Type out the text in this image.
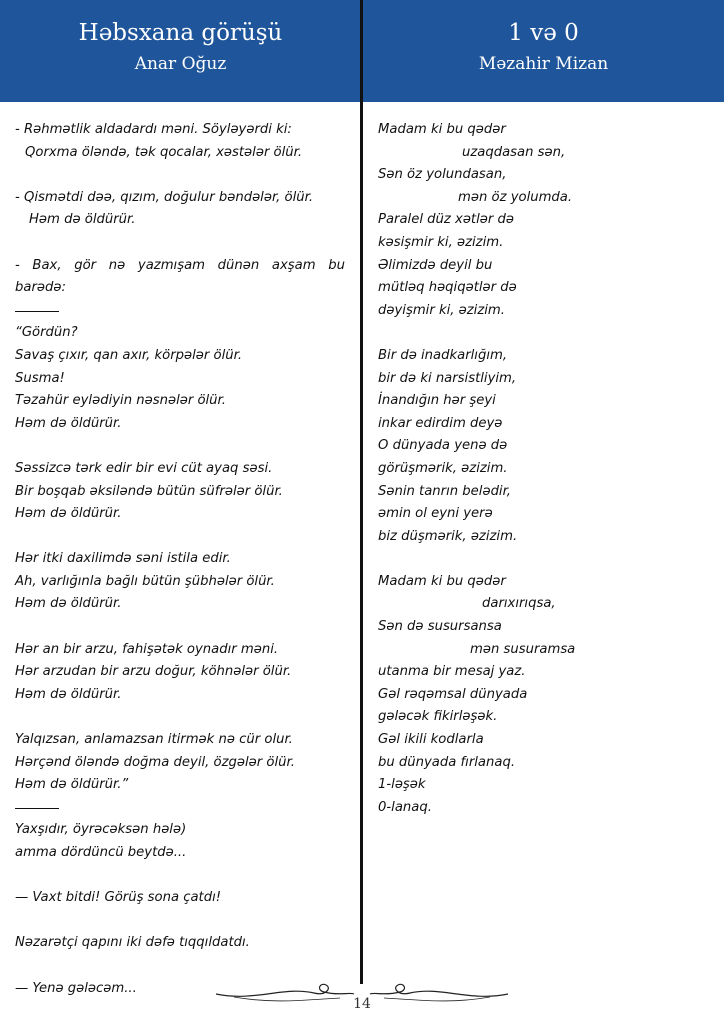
Həbsxana görüşü
Anar Oğuz
1 və 0
Məzahir Mizan
- Rəhmətlik aldadardı məni. Söyləyərdi ki:
Qorxma öləndə, tək qocalar, xəstələr ölür.
- Qismətdi dəə, qızım, doğulur bəndələr, ölür.
Həm də öldürür.
- Bax, gör nə yazmışam dünən axşam bu
barədə:
“Gördün?
Savaş çıxır, qan axır, körpələr ölür.
Susma!
Təzahür eylədiyin nəsnələr ölür.
Həm də öldürür.
Səssizcə tərk edir bir evi cüt ayaq səsi.
Bir boşqab əksiləndə bütün süfrələr ölür.
Həm də öldürür.
Hər itki daxilimdə səni istila edir.
Ah, varlığınla bağlı bütün şübhələr ölür.
Həm də öldürür.
Hər an bir arzu, fahişətək oynadır məni.
Hər arzudan bir arzu doğur, köhnələr ölür.
Həm də öldürür.
Yalqızsan, anlamazsan itirmək nə cür olur.
Hərçənd öləndə doğma deyil, özgələr ölür.
Həm də öldürür.”
Yaxşıdır, öyrəcəksən hələ)
amma dördüncü beytdə...
— Vaxt bitdi! Görüş sona çatdı!
Nəzarətçi qapını iki dəfə tıqqıldatdı.
— Yenə gələcəm...
Madam ki bu qədər
uzaqdasan sən,
Sən öz yolundasan,
mən öz yolumda.
Paralel düz xətlər də
kəsişmir ki, əzizim.
Əlimizdə deyil bu
mütləq həqiqətlər də
dəyişmir ki, əzizim.
Bir də inadkarlığım,
bir də ki narsistliyim,
İnandığın hər şeyi
inkar edirdim deyə
O dünyada yenə də
görüşmərik, əzizim.
Sənin tanrın belədir,
əmin ol eyni yerə
biz düşmərik, əzizim.
Madam ki bu qədər
darıxırıqsa,
Sən də susursansa
mən susuramsa
utanma bir mesaj yaz.
Gəl rəqəmsal dünyada
gələcək fikirləşək.
Gəl ikili kodlarla
bu dünyada fırlanaq.
1-ləşək
0-lanaq.
14
